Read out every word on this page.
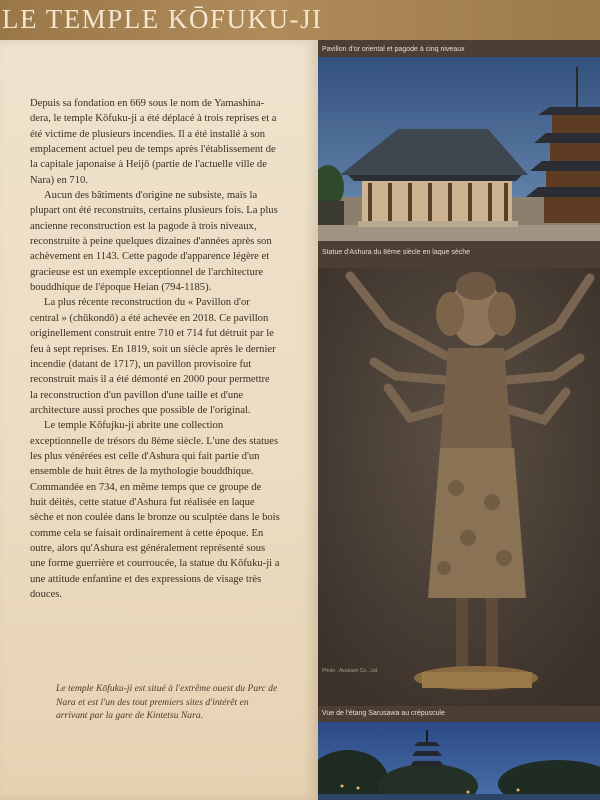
LE TEMPLE KŌFUKU-JI

Depuis sa fondation en 669 sous le nom de Yamashina-dera, le temple Kōfuku-ji a été déplacé à trois reprises et a été victime de plusieurs incendies. Il a été installé à son emplacement actuel peu de temps après l'établissement de la capitale japonaise à Heijō (partie de l'actuelle ville de Nara) en 710.

Aucun des bâtiments d'origine ne subsiste, mais la plupart ont été reconstruits, certains plusieurs fois. La plus ancienne reconstruction est la pagode à trois niveaux, reconstruite à peine quelques dizaines d'années après son achèvement en 1143. Cette pagode d'apparence légère et gracieuse est un exemple exceptionnel de l'architecture bouddhique de l'époque Heian (794-1185).

La plus récente reconstruction du « Pavillon d'or central » (chūkondō) a été achevée en 2018. Ce pavillon originellement construit entre 710 et 714 fut détruit par le feu à sept reprises. En 1819, soit un siècle après le dernier incendie (datant de 1717), un pavillon provisoire fut reconstruit mais il a été démonté en 2000 pour permettre la reconstruction d'un pavillon d'une taille et d'une architecture aussi proches que possible de l'original.

Le temple Kōfujku-ji abrite une collection exceptionnelle de trésors du 8ème siècle. L'une des statues les plus vénérées est celle d'Ashura qui fait partie d'un ensemble de huit êtres de la mythologie bouddhique. Commandée en 734, en même temps que ce groupe de huit déités, cette statue d'Ashura fut réalisée en laque sèche et non coulée dans le bronze ou sculptée dans le bois comme cela se faisait ordinairement à cette époque. En outre, alors qu'Ashura est généralement représenté sous une forme guerrière et courroucée, la statue du Kōfuku-ji a une attitude enfantine et des expressions de visage très douces.

Le temple Kōfuku-ji est situé à l'extrême ouest du Parc de Nara et est l'un des tout premiers sites d'intérêt en arrivant par la gare de Kintetsu Nara.
Pavillon d'or oriental et pagode à cinq niveaux
Statue d'Ashura du 8ème siècle en laque sèche
Photo : Asukaen Co., Ltd.
Vue de l'étang Sarusawa au crépuscule
